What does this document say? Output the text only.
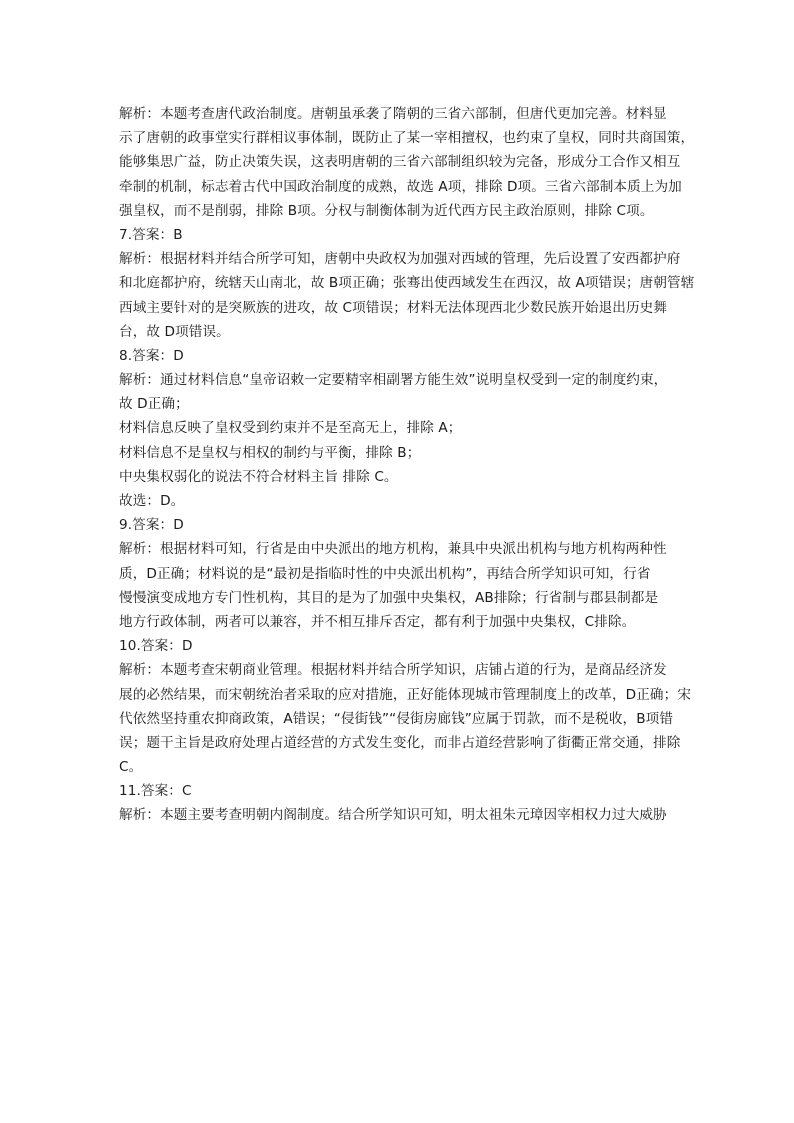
解析：本题考查唐代政治制度。唐朝虽承袭了隋朝的三省六部制，但唐代更加完善。材料显
示了唐朝的政事堂实行群相议事体制，既防止了某一宰相擅权，也约束了皇权，同时共商国策，
能够集思广益，防止决策失误，这表明唐朝的三省六部制组织较为完备，形成分工合作又相互
牵制的机制，标志着古代中国政治制度的成熟，故选 A项，排除 D项。三省六部制本质上为加
强皇权，而不是削弱，排除 B项。分权与制衡体制为近代西方民主政治原则，排除 C项。
7.答案：B
解析：根据材料并结合所学可知，唐朝中央政权为加强对西域的管理，先后设置了安西都护府
和北庭都护府，统辖天山南北，故 B项正确；张骞出使西域发生在西汉，故 A项错误；唐朝管辖
西域主要针对的是突厥族的进攻，故 C项错误；材料无法体现西北少数民族开始退出历史舞
台，故 D项错误。
8.答案：D
解析：通过材料信息“皇帝诏敕一定要精宰相副署方能生效”说明皇权受到一定的制度约束，
故 D正确；
材料信息反映了皇权受到约束并不是至高无上，排除 A；
材料信息不是皇权与相权的制约与平衡，排除 B；
中央集权弱化的说法不符合材料主旨 排除 C。
故选：D。
9.答案：D
解析：根据材料可知，行省是由中央派出的地方机构，兼具中央派出机构与地方机构两种性
质，D正确；材料说的是“最初是指临时性的中央派出机构”，再结合所学知识可知，行省
慢慢演变成地方专门性机构，其目的是为了加强中央集权，AB排除；行省制与郡县制都是
地方行政体制，两者可以兼容，并不相互排斥否定，都有利于加强中央集权，C排除。
10.答案：D
解析：本题考查宋朝商业管理。根据材料并结合所学知识，店铺占道的行为，是商品经济发
展的必然结果，而宋朝统治者采取的应对措施，正好能体现城市管理制度上的改革，D正确；宋
代依然坚持重农抑商政策，A错误；“侵街钱”“侵街房廊钱”应属于罚款，而不是税收，B项错
误；题干主旨是政府处理占道经营的方式发生变化，而非占道经营影响了街衢正常交通，排除
C。
11.答案：C
解析：本题主要考查明朝内阁制度。结合所学知识可知，明太祖朱元璋因宰相权力过大威胁
